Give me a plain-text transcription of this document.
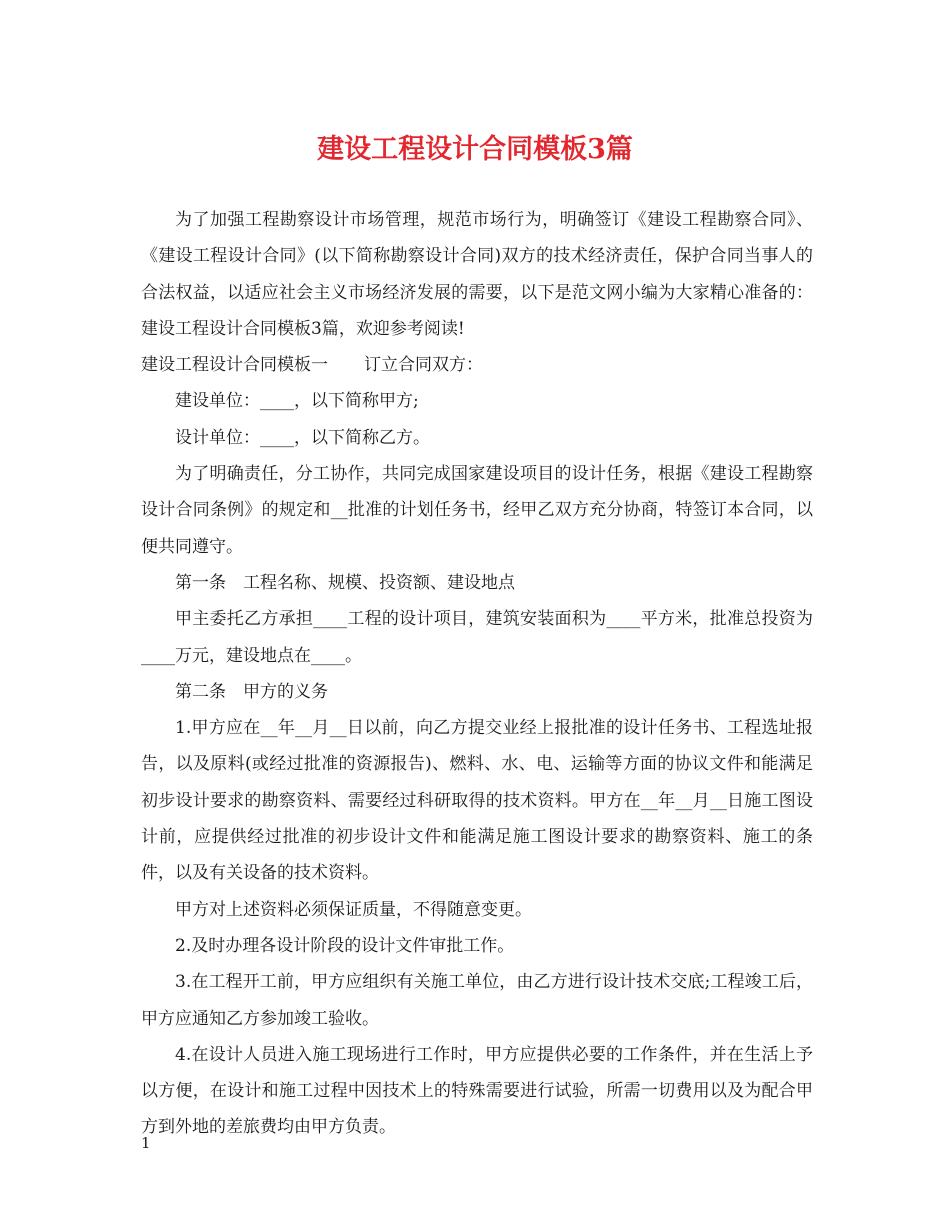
建设工程设计合同模板3篇

为了加强工程勘察设计市场管理，规范市场行为，明确签订《建设工程勘察合同》、《建设工程设计合同》(以下简称勘察设计合同)双方的技术经济责任，保护合同当事人的合法权益，以适应社会主义市场经济发展的需要，以下是范文网小编为大家精心准备的：建设工程设计合同模板3篇，欢迎参考阅读!

建设工程设计合同模板一 订立合同双方：

建设单位：____，以下简称甲方;

设计单位：____，以下简称乙方。

为了明确责任，分工协作，共同完成国家建设项目的设计任务，根据《建设工程勘察设计合同条例》的规定和__批准的计划任务书，经甲乙双方充分协商，特签订本合同，以便共同遵守。

第一条　工程名称、规模、投资额、建设地点

甲主委托乙方承担____工程的设计项目，建筑安装面积为____平方米，批准总投资为____万元，建设地点在____。

第二条　甲方的义务

1.甲方应在__年__月__日以前，向乙方提交业经上报批准的设计任务书、工程选址报告，以及原料(或经过批准的资源报告)、燃料、水、电、运输等方面的协议文件和能满足初步设计要求的勘察资料、需要经过科研取得的技术资料。甲方在__年__月__日施工图设计前，应提供经过批准的初步设计文件和能满足施工图设计要求的勘察资料、施工的条件，以及有关设备的技术资料。

甲方对上述资料必须保证质量，不得随意变更。

2.及时办理各设计阶段的设计文件审批工作。

3.在工程开工前，甲方应组织有关施工单位，由乙方进行设计技术交底;工程竣工后，甲方应通知乙方参加竣工验收。

4.在设计人员进入施工现场进行工作时，甲方应提供必要的工作条件，并在生活上予以方便，在设计和施工过程中因技术上的特殊需要进行试验，所需一切费用以及为配合甲方到外地的差旅费均由甲方负责。

1
